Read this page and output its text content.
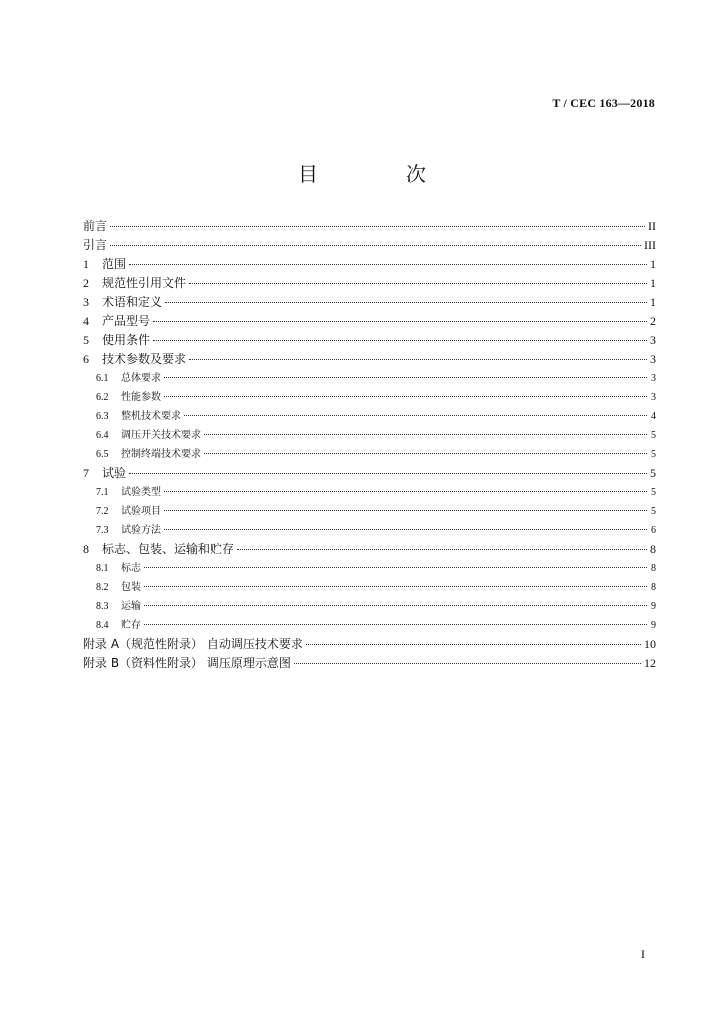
T / CEC 163—2018
目　次
前言	II
引言	III
1	范围	1
2	规范性引用文件	1
3	术语和定义	1
4	产品型号	2
5	使用条件	3
6	技术参数及要求	3
6.1	总体要求	3
6.2	性能参数	3
6.3	整机技术要求	4
6.4	调压开关技术要求	5
6.5	控制终端技术要求	5
7	试验	5
7.1	试验类型	5
7.2	试验项目	5
7.3	试验方法	6
8	标志、包装、运输和贮存	8
8.1	标志	8
8.2	包装	8
8.3	运输	9
8.4	贮存	9
附录 A（规范性附录） 自动调压技术要求	10
附录 B（资料性附录） 调压原理示意图	12
I
